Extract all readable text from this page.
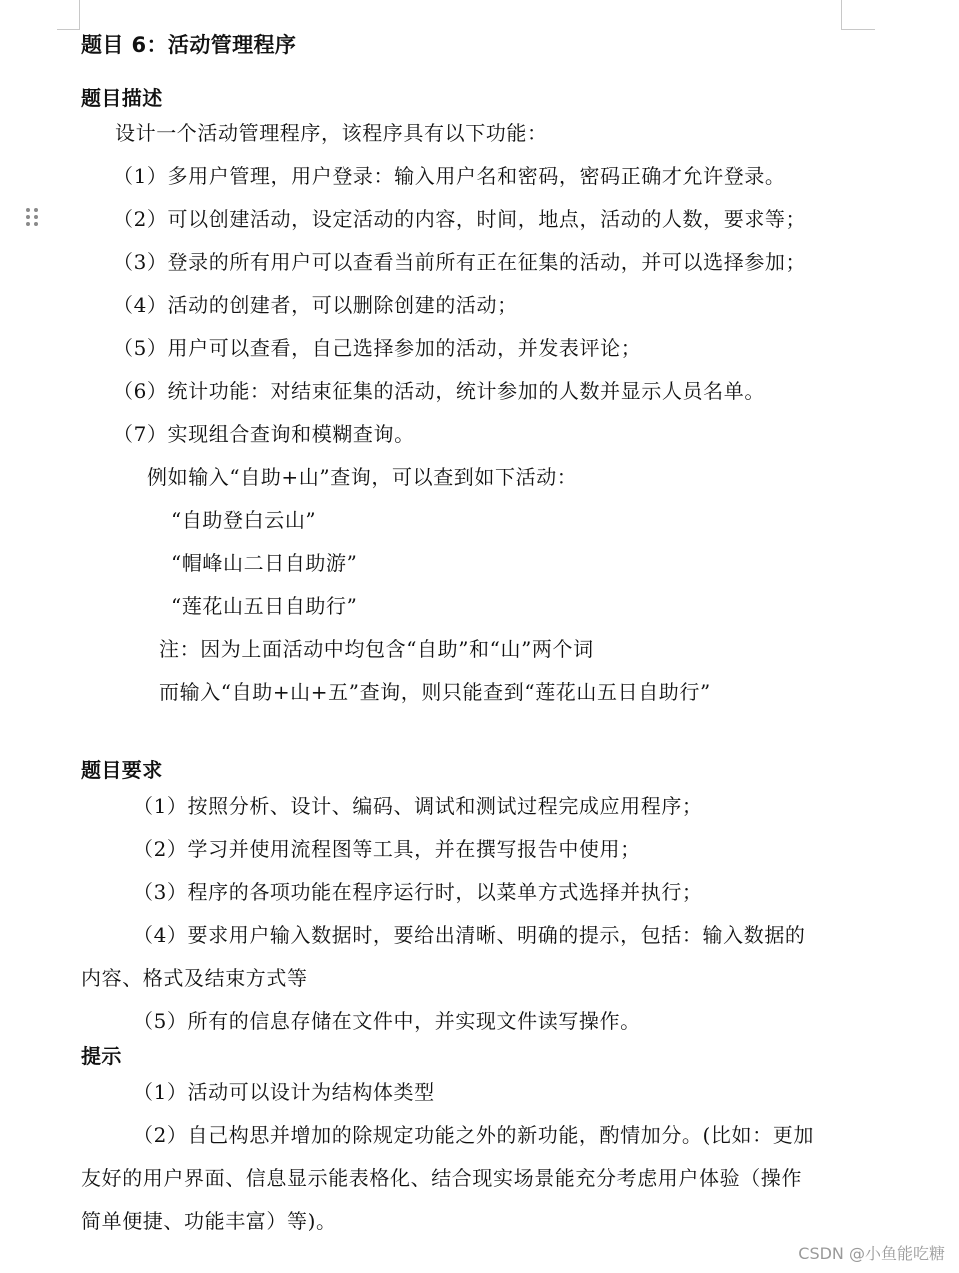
题目 6：活动管理程序
题目描述
设计一个活动管理程序，该程序具有以下功能：
（1）多用户管理，用户登录：输入用户名和密码，密码正确才允许登录。
（2）可以创建活动，设定活动的内容，时间，地点，活动的人数，要求等；
（3）登录的所有用户可以查看当前所有正在征集的活动，并可以选择参加；
（4）活动的创建者，可以删除创建的活动；
（5）用户可以查看，自己选择参加的活动，并发表评论；
（6）统计功能：对结束征集的活动，统计参加的人数并显示人员名单。
（7）实现组合查询和模糊查询。
例如输入“自助+山”查询，可以查到如下活动：
“自助登白云山”
“帽峰山二日自助游”
“莲花山五日自助行”
注：因为上面活动中均包含“自助”和“山”两个词
而输入“自助+山+五”查询，则只能查到“莲花山五日自助行”
题目要求
（1）按照分析、设计、编码、调试和测试过程完成应用程序；
（2）学习并使用流程图等工具，并在撰写报告中使用；
（3）程序的各项功能在程序运行时，以菜单方式选择并执行；
（4）要求用户输入数据时，要给出清晰、明确的提示，包括：输入数据的
内容、格式及结束方式等
（5）所有的信息存储在文件中，并实现文件读写操作。
提示
（1）活动可以设计为结构体类型
（2）自己构思并增加的除规定功能之外的新功能，酌情加分。(比如：更加
友好的用户界面、信息显示能表格化、结合现实场景能充分考虑用户体验（操作
简单便捷、功能丰富）等)。
CSDN @小鱼能吃糖
